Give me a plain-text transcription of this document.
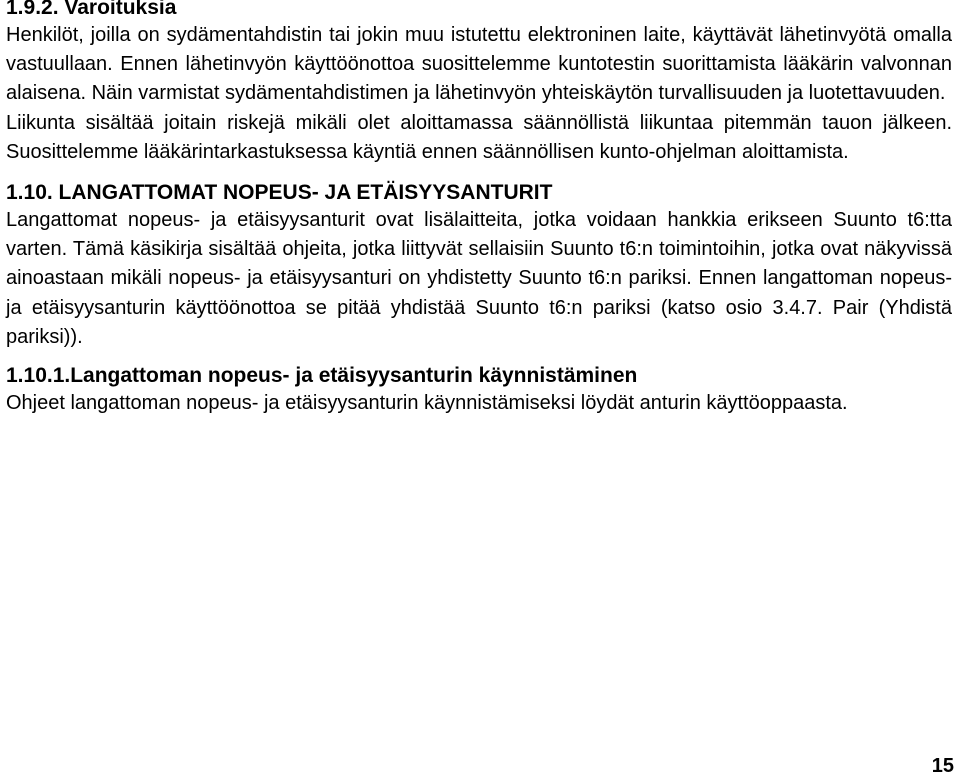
1.9.2. Varoituksia

Henkilöt, joilla on sydämentahdistin tai jokin muu istutettu elektroninen laite, käyttävät lähetinvyötä omalla vastuullaan. Ennen lähetinvyön käyttöönottoa suosittelemme kuntotestin suorittamista lääkärin valvonnan alaisena. Näin varmistat sydämentahdistimen ja lähetinvyön yhteiskäytön turvallisuuden ja luotettavuuden.

Liikunta sisältää joitain riskejä mikäli olet aloittamassa säännöllistä liikuntaa pitemmän tauon jälkeen. Suosittelemme lääkärintarkastuksessa käyntiä ennen säännöllisen kunto-ohjelman aloittamista.

1.10. LANGATTOMAT NOPEUS- JA ETÄISYYSANTURIT

Langattomat nopeus- ja etäisyysanturit ovat lisälaitteita, jotka voidaan hankkia erikseen Suunto t6:tta varten. Tämä käsikirja sisältää ohjeita, jotka liittyvät sellaisiin Suunto t6:n toimintoihin, jotka ovat näkyvissä ainoastaan mikäli nopeus- ja etäisyysanturi on yhdistetty Suunto t6:n pariksi. Ennen langattoman nopeus- ja etäisyysanturin käyttöönottoa se pitää yhdistää Suunto t6:n pariksi (katso osio 3.4.7. Pair (Yhdistä pariksi)).

1.10.1.Langattoman nopeus- ja etäisyysanturin käynnistäminen

Ohjeet langattoman nopeus- ja etäisyysanturin käynnistämiseksi löydät anturin käyttöoppaasta.

15
